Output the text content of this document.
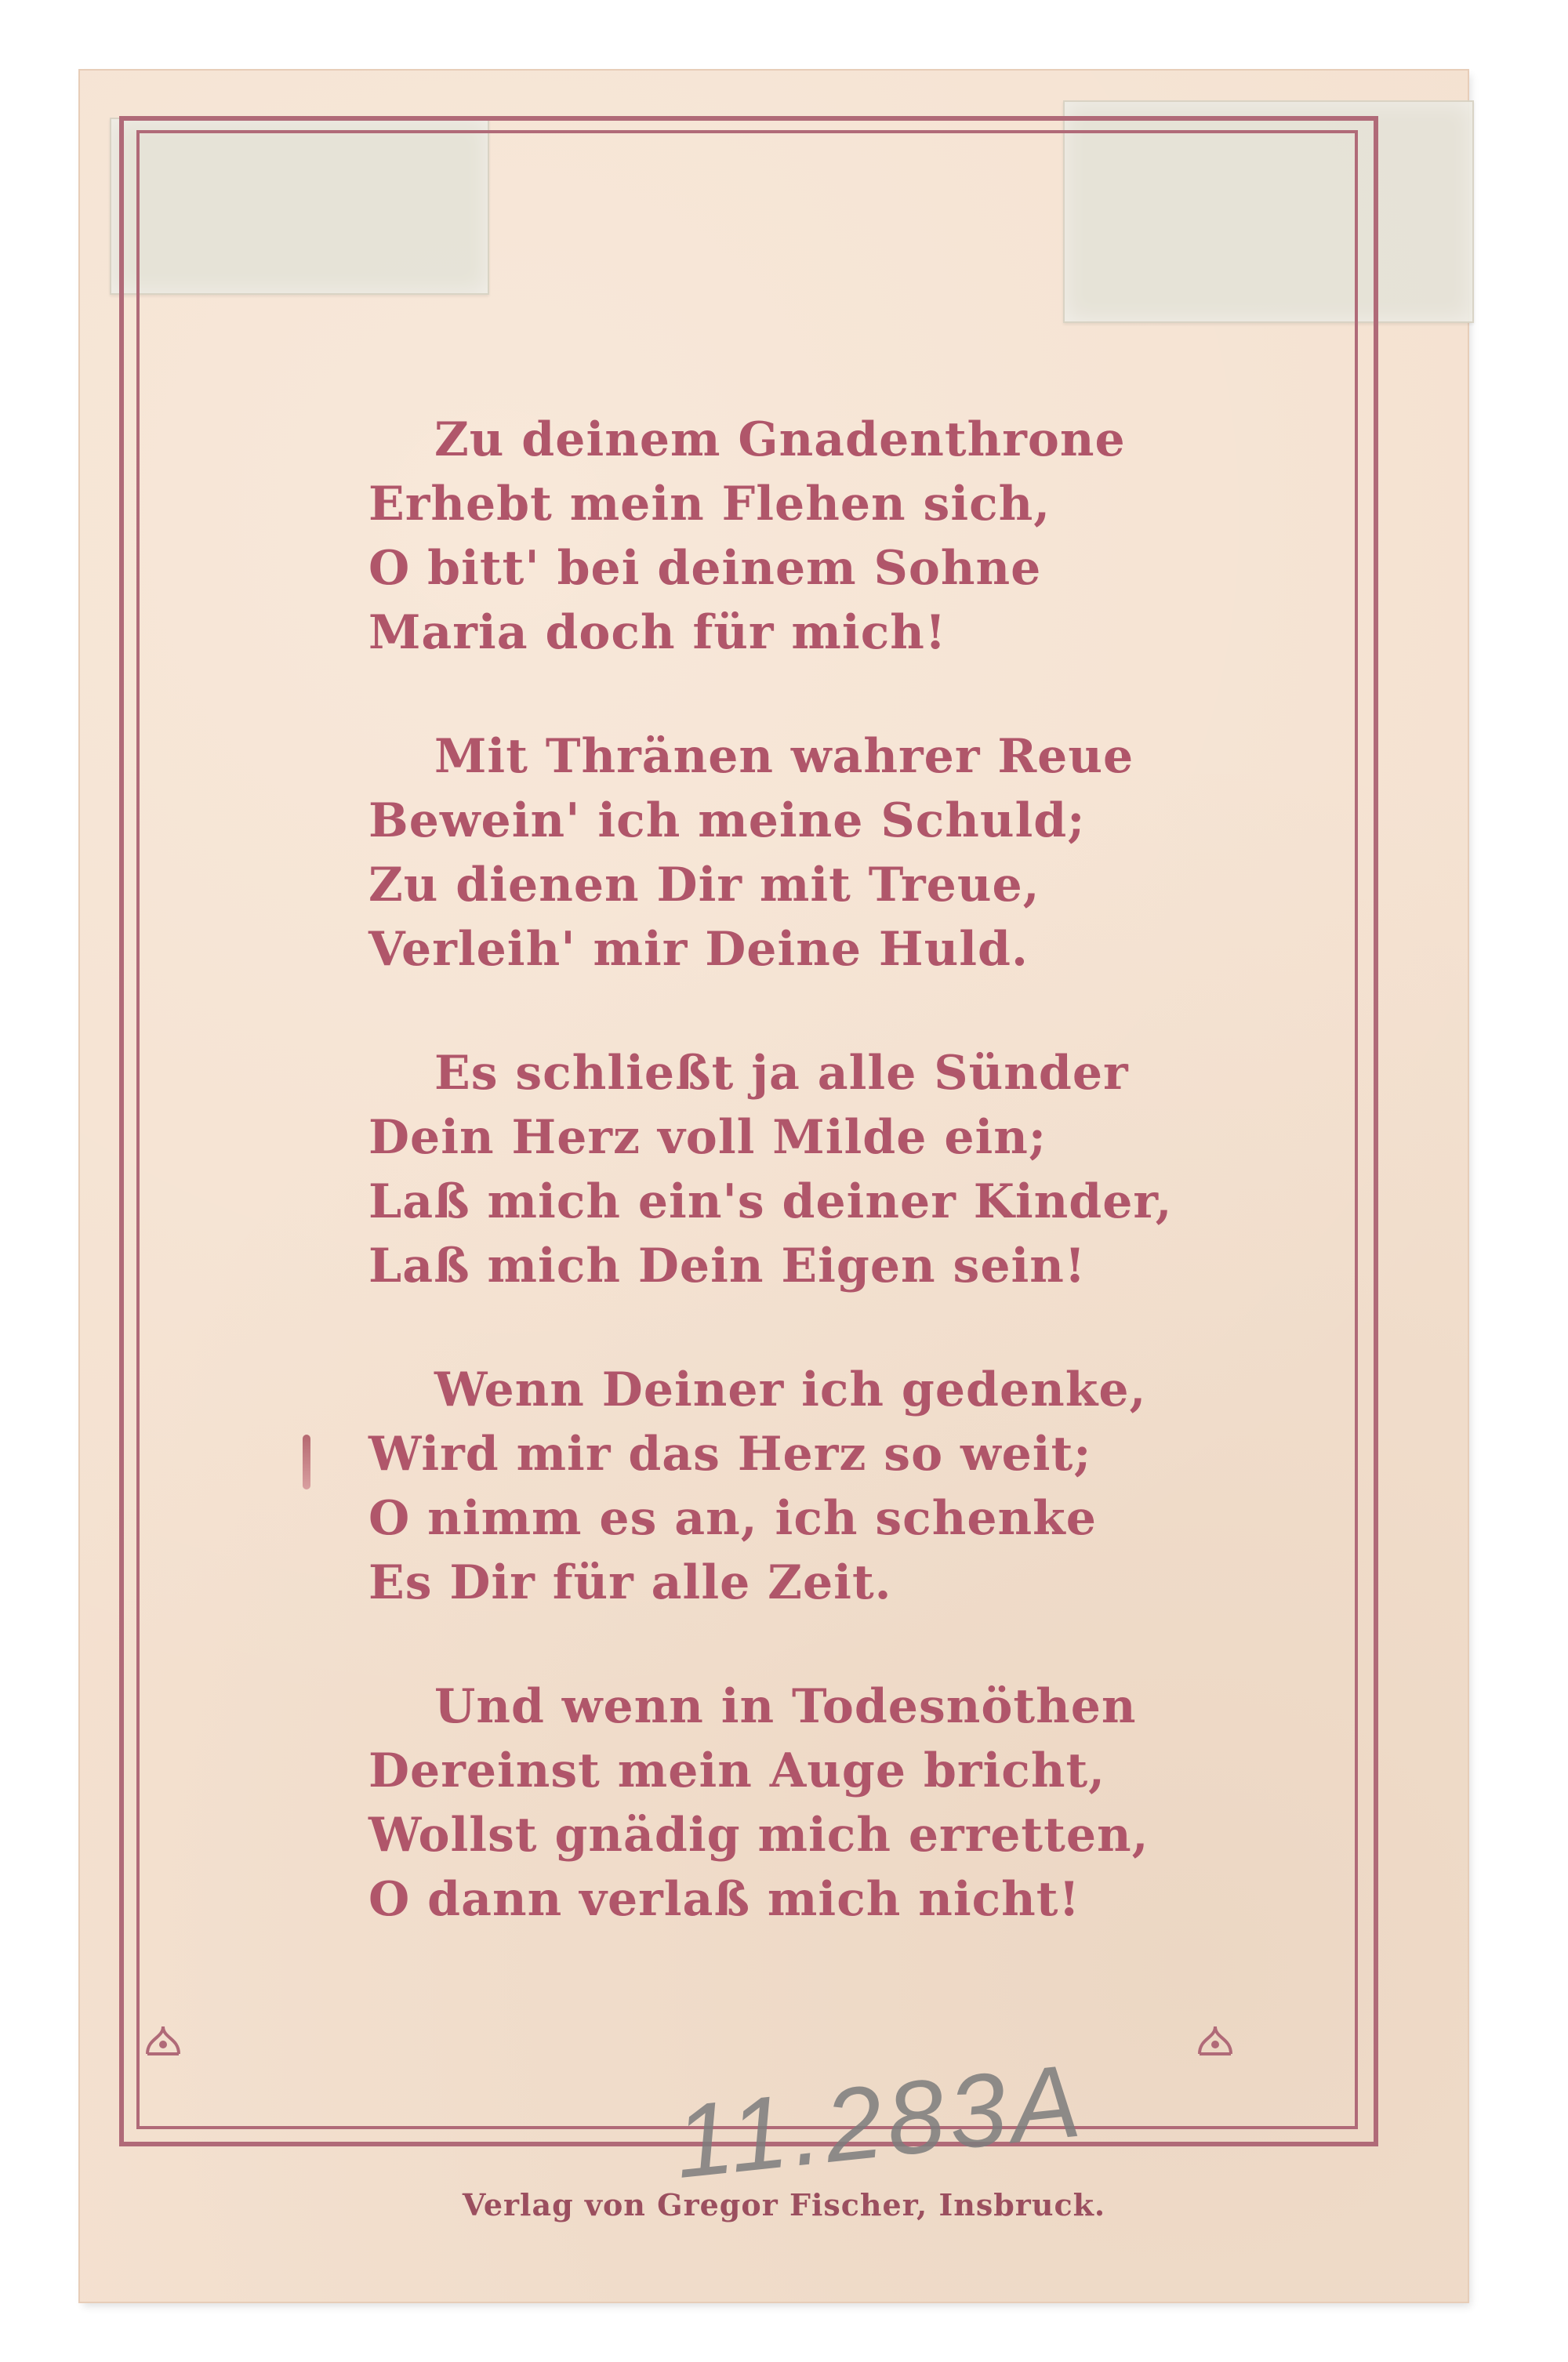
Zu deinem Gnadenthrone
Erhebt mein Flehen sich,
O bitt' bei deinem Sohne
Maria doch für mich!
Mit Thränen wahrer Reue
Bewein' ich meine Schuld;
Zu dienen Dir mit Treue,
Verleih' mir Deine Huld.
Es schließt ja alle Sünder
Dein Herz voll Milde ein;
Laß mich ein's deiner Kinder,
Laß mich Dein Eigen sein!
Wenn Deiner ich gedenke,
Wird mir das Herz so weit;
O nimm es an, ich schenke
Es Dir für alle Zeit.
Und wenn in Todesnöthen
Dereinst mein Auge bricht,
Wollst gnädig mich erretten,
O dann verlaß mich nicht!
11.283A
Verlag von Gregor Fischer, Insbruck.
